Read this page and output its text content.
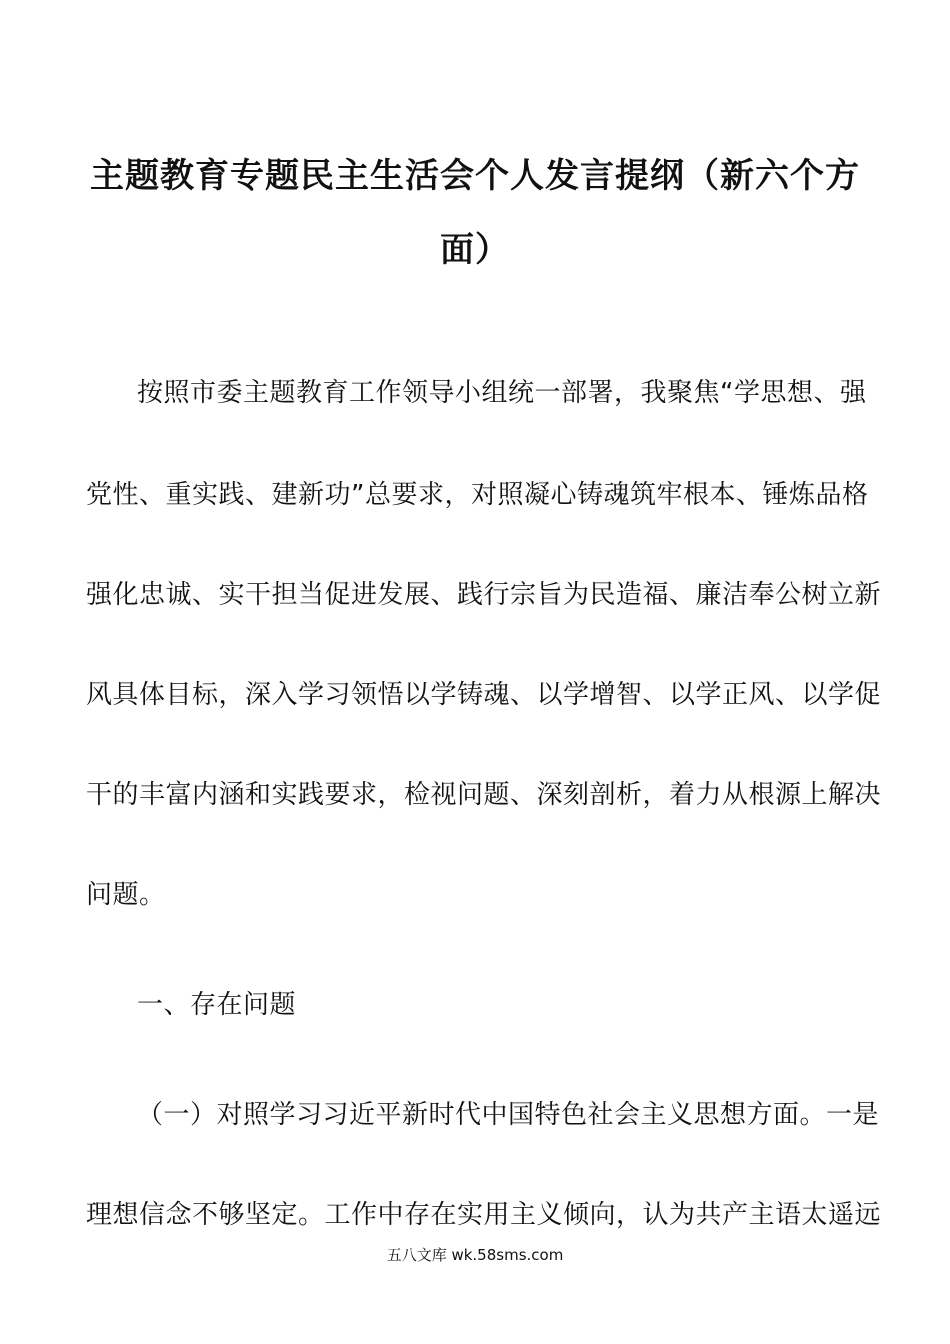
主题教育专题民主生活会个人发言提纲（新六个方
面）
按照市委主题教育工作领导小组统一部署，我聚焦“学思想、强
党性、重实践、建新功”总要求，对照凝心铸魂筑牢根本、锤炼品格
强化忠诚、实干担当促进发展、践行宗旨为民造福、廉洁奉公树立新
风具体目标，深入学习领悟以学铸魂、以学增智、以学正风、以学促
干的丰富内涵和实践要求，检视问题、深刻剖析，着力从根源上解决
问题。
一、存在问题
（一）对照学习习近平新时代中国特色社会主义思想方面。一是
理想信念不够坚定。工作中存在实用主义倾向，认为共产主语太遥远
五八文库 wk.58sms.com
